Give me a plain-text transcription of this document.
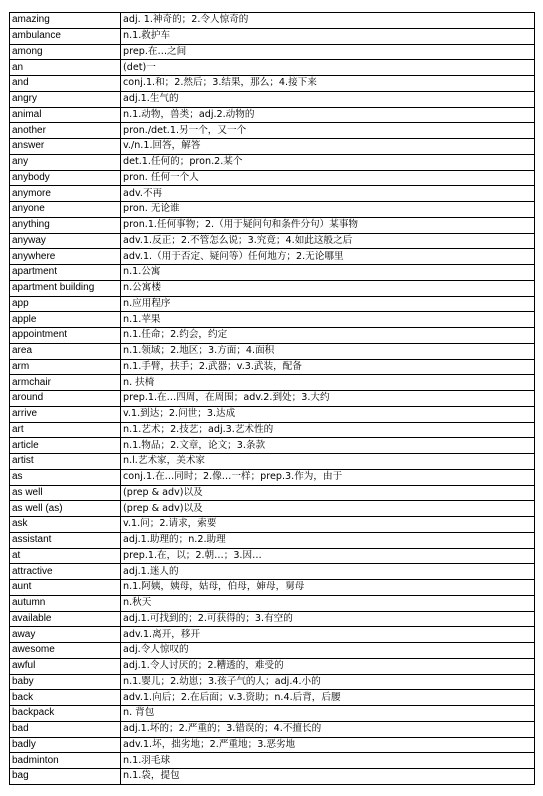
amazing	adj. 1.神奇的；2.令人惊奇的
ambulance	n.1.救护车
among	prep.在…之间
an	(det)一
and	conj.1.和；2.然后；3.结果，那么；4.接下来
angry	adj.1.生气的
animal	n.1.动物，兽类；adj.2.动物的
another	pron./det.1.另一个，又一个
answer	v./n.1.回答，解答
any	det.1.任何的；pron.2.某个
anybody	pron. 任何一个人
anymore	adv.不再
anyone	pron. 无论谁
anything	pron.1.任何事物；2.（用于疑问句和条件分句）某事物
anyway	adv.1.反正；2.不管怎么说；3.究竟；4.如此这般之后
anywhere	adv.1.（用于否定、疑问等）任何地方；2.无论哪里
apartment	n.1.公寓
apartment building	n.公寓楼
app	n.应用程序
apple	n.1.苹果
appointment	n.1.任命；2.约会，约定
area	n.1.领域；2.地区；3.方面；4.面积
arm	n.1.手臂，扶手；2.武器；v.3.武装，配备
armchair	n. 扶椅
around	prep.1.在…四周，在周围；adv.2.到处；3.大约
arrive	v.1.到达；2.问世；3.达成
art	n.1.艺术；2.技艺；adj.3.艺术性的
article	n.1.物品；2.文章，论文；3.条款
artist	n.l.艺术家，美术家
as	conj.1.在…同时；2.像…一样；prep.3.作为，由于
as well	(prep & adv)以及
as well (as)	(prep & adv)以及
ask	v.1.问；2.请求，索要
assistant	adj.1.助理的；n.2.助理
at	prep.1.在，以；2.朝…；3.因…
attractive	adj.1.迷人的
aunt	n.1.阿姨，姨母，姑母，伯母，婶母，舅母
autumn	n.秋天
available	adj.1.可找到的；2.可获得的；3.有空的
away	adv.1.离开，移开
awesome	adj.令人惊叹的
awful	adj.1.令人讨厌的；2.糟透的，难受的
baby	n.1.婴儿；2.幼崽；3.孩子气的人；adj.4.小的
back	adv.1.向后；2.在后面；v.3.资助；n.4.后背，后腰
backpack	n. 背包
bad	adj.1.坏的；2.严重的；3.错误的；4.不擅长的
badly	adv.1.坏，拙劣地；2.严重地；3.恶劣地
badminton	n.1.羽毛球
bag	n.1.袋，提包
